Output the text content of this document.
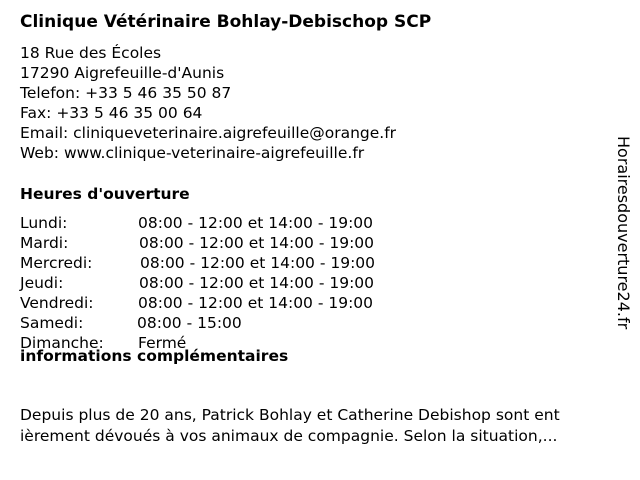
Clinique Vétérinaire Bohlay-Debischop SCP
18 Rue des Écoles
17290 Aigrefeuille-d'Aunis
Telefon: +33 5 46 35 50 87
Fax: +33 5 46 35 00 64
Email: cliniqueveterinaire.aigrefeuille@orange.fr
Web: www.clinique-veterinaire-aigrefeuille.fr
Heures d'ouverture
Lundi:	08:00 - 12:00 et 14:00 - 19:00
Mardi:	08:00 - 12:00 et 14:00 - 19:00
Mercredi:	08:00 - 12:00 et 14:00 - 19:00
Jeudi:	08:00 - 12:00 et 14:00 - 19:00
Vendredi:	08:00 - 12:00 et 14:00 - 19:00
Samedi:	08:00 - 15:00
Dimanche: Fermé
informations complémentaires
Depuis plus de 20 ans, Patrick Bohlay et Catherine Debishop sont ent
ièrement dévoués à vos animaux de compagnie. Selon la situation,...
Horairesdouverture24.fr
